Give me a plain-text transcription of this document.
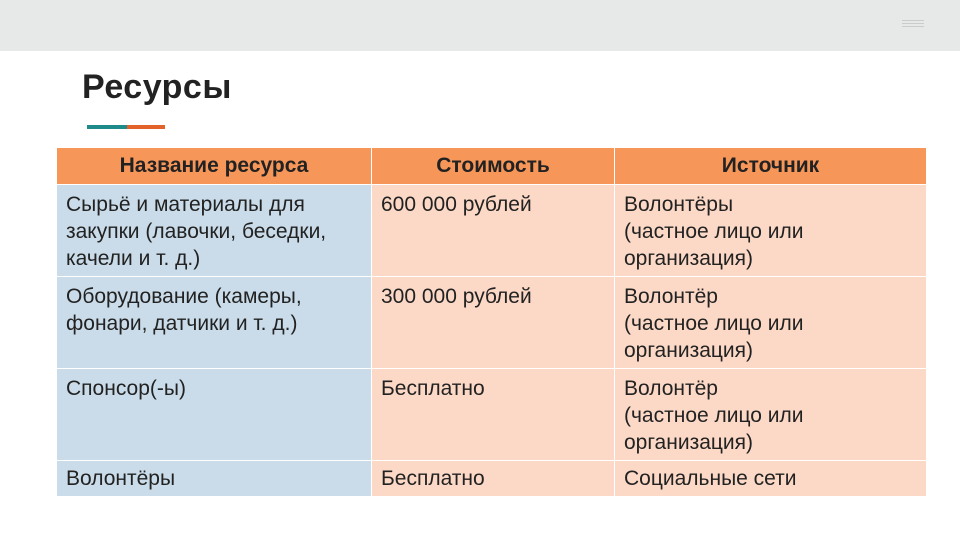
Ресурсы
Название ресурса	Стоимость	Источник
Сырьё и материалы для закупки (лавочки, беседки, качели и т. д.)	600 000 рублей	Волонтёры
(частное лицо или организация)

Оборудование (камеры, фонари, датчики и т. д.)	300 000 рублей	Волонтёр
(частное лицо или организация)

Спонсор(-ы)	Бесплатно	Волонтёр
(частное лицо или организация)

Волонтёры	Бесплатно	Социальные сети
